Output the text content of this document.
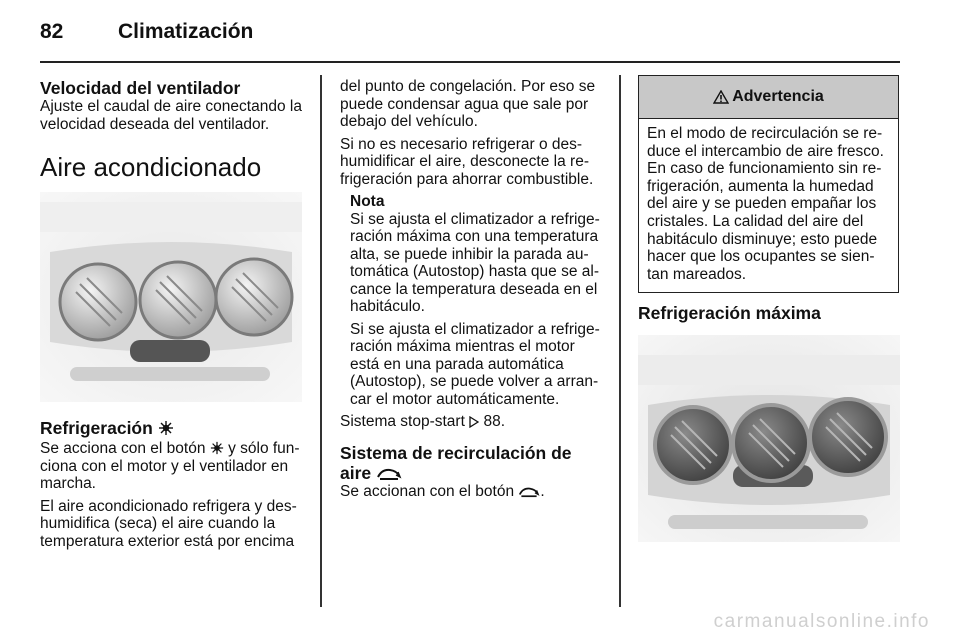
82	Climatización
Velocidad del ventilador

Ajuste el caudal de aire conectando la velocidad deseada del ventilador.

Aire acondicionado
Refrigeración

Se acciona con el botón y sólo fun-ciona con el motor y el ventilador en marcha.

El aire acondicionado refrigera y des-humidifica (seca) el aire cuando la temperatura exterior está por encima

del punto de congelación. Por eso se puede condensar agua que sale por debajo del vehículo.

Si no es necesario refrigerar o des-humidificar el aire, desconecte la re-frigeración para ahorrar combustible.

Nota

Si se ajusta el climatizador a refrige-ración máxima con una temperatura alta, se puede inhibir la parada au-tomática (Autostop) hasta que se al-cance la temperatura deseada en el habitáculo.

Si se ajusta el climatizador a refrige-ración máxima mientras el motor está en una parada automática (Autostop), se puede volver a arran-car el motor automáticamente.

Sistema stop-start 88.

Sistema de recirculación de aire

Se accionan con el botón .

Advertencia
En el modo de recirculación se re-duce el intercambio de aire fresco. En caso de funcionamiento sin re-frigeración, aumenta la humedad del aire y se pueden empañar los cristales. La calidad del aire del habitáculo disminuye; esto puede hacer que los ocupantes se sien-tan mareados.
Refrigeración máxima
carmanualsonline.info
